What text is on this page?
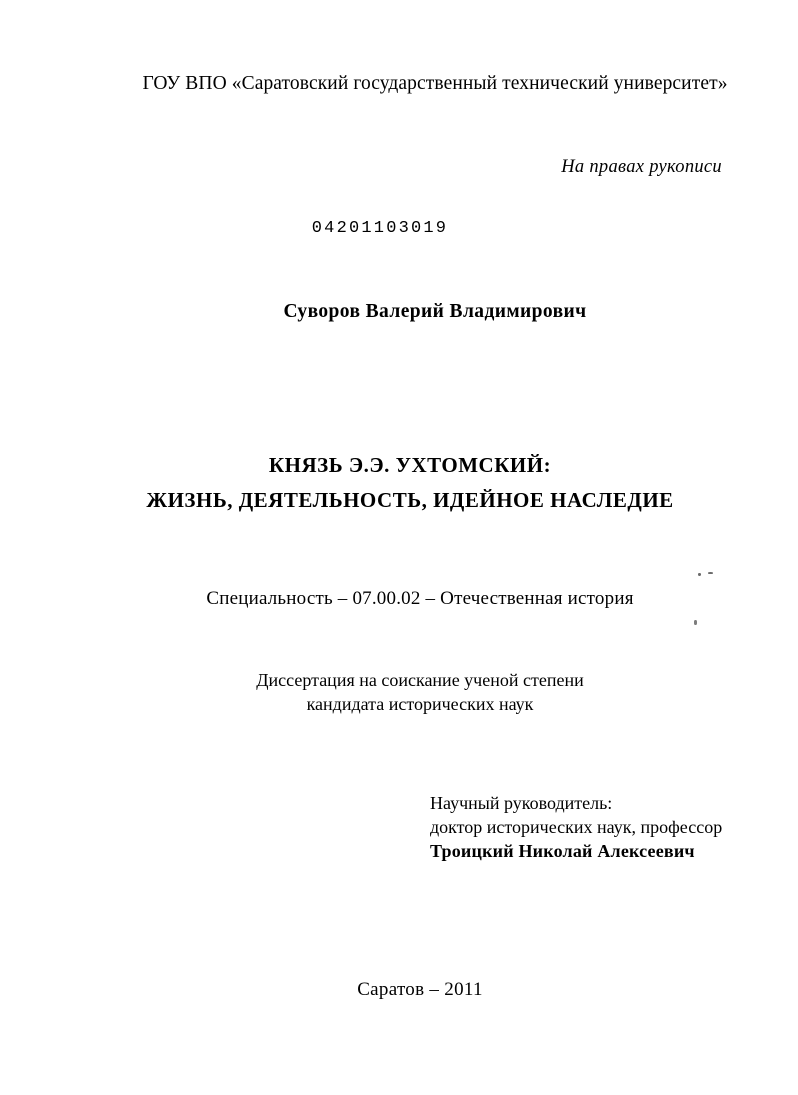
ГОУ ВПО «Саратовский государственный технический университет»
На правах рукописи
04201103019
Суворов Валерий Владимирович
КНЯЗЬ Э.Э. УХТОМСКИЙ:
ЖИЗНЬ, ДЕЯТЕЛЬНОСТЬ, ИДЕЙНОЕ НАСЛЕДИЕ
Специальность – 07.00.02 – Отечественная история
Диссертация на соискание ученой степени
кандидата исторических наук
Научный руководитель:
доктор исторических наук, профессор
Троицкий Николай Алексеевич
Саратов – 2011
